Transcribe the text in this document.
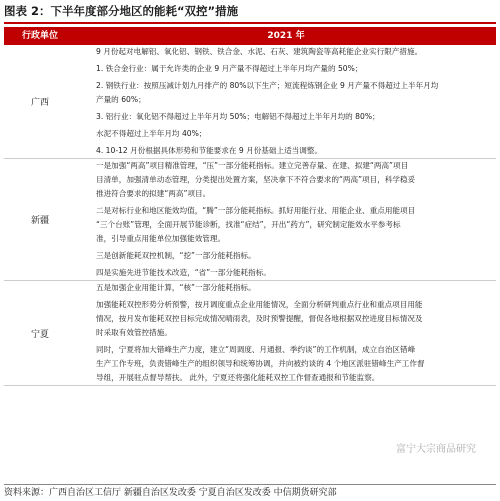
图表 2：下半年度部分地区的能耗“双控”措施
行政单位	2021 年
广西
9 月份起对电解铝、氧化铝、钢铁、铁合金、水泥、石灰、建筑陶瓷等高耗能企业实行限产措施。
1. 铁合金行业：属于允许类的企业 9 月产量不得超过上半年月均产量的 50%；
2. 钢铁行业：按照压减计划九月排产的 80%以下生产；短流程炼钢企业 9 月产量不得超过上半年月均
产量的 60%；
3. 铝行业：氧化铝不得超过上半年月均 50%；电解铝不得超过上半年月均的 80%；
水泥不得超过上半年月均 40%；
4. 10-12 月份根据具体形势和节能要求在 9 月份基础上适当调整。
新疆
一是加强“两高”项目精准管理，“压”一部分能耗指标。建立完善存量、在建、拟建“两高”项目
目清单，加强清单动态管理，分类提出处置方案，坚决拿下不符合要求的“两高”项目，科学稳妥
推进符合要求的拟建“两高”项目。
二是对标行业和地区能效均值，“腾”一部分能耗指标。抓好用能行业、用能企业、重点用能项目
“三个台账”管理，全面开展节能诊断，找准“症结”，开出“药方”，研究制定能效水平参考标
准，引导重点用能单位加强能效管理。
三是创新能耗双控机制，“挖”一部分能耗指标。
四是实施先进节能技术改造，“省”一部分能耗指标。
宁夏
五是加强企业用能计算，“核”一部分能耗指标。
加强能耗双控形势分析预警，按月调度重点企业用能情况，全面分析研判重点行业和重点项目用能
情况，按月发布能耗双控目标完成情况晴雨表，及时预警提醒，督促各地根据双控进度目标情况及
时采取有效管控措施。
同时，宁夏将加大错峰生产力度，建立“周调度、月通报、季约谈”的工作机制，成立自治区错峰
生产工作专班，负责错峰生产的组织领导和统筹协调，并向被约谈的 4 个地区派驻错峰生产工作督
导组，开展驻点督导帮扶。 此外，宁夏还将强化能耗双控工作督查通报和节能监察。
富宁大宗商品研究
资料来源：广西自治区工信厅 新疆自治区发改委 宁夏自治区发改委 中信期货研究部
